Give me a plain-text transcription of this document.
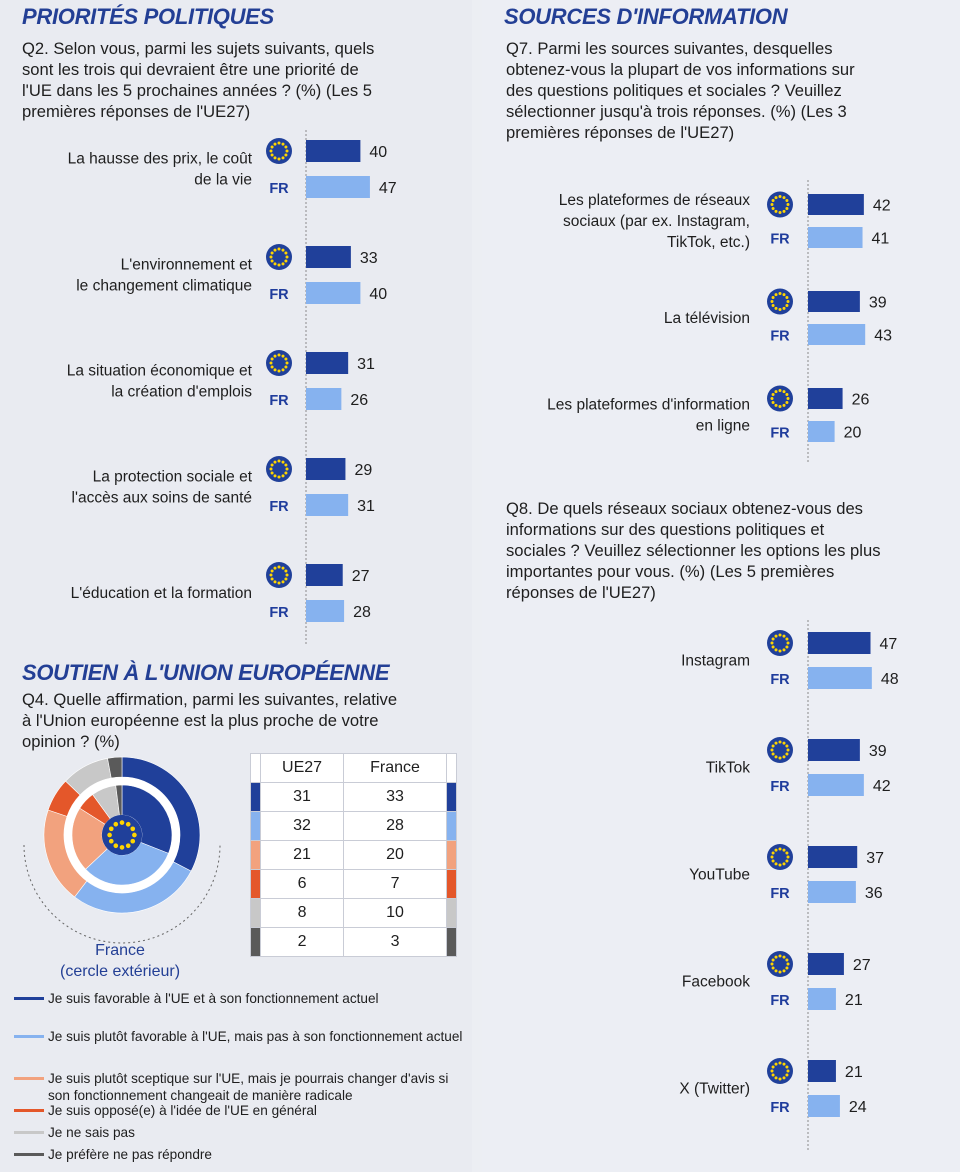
PRIORITÉS POLITIQUES
Q2. Selon vous, parmi les sujets suivants, quels
sont les trois qui devraient être une priorité de
l'UE dans les 5 prochaines années ? (%) (Les 5
premières réponses de l'UE27)
La hausse des prix, le coût de la vie
FR
40
47
L'environnement et le changement climatique
FR
33
40
La situation économique et la création d'emplois
FR
31
26
La protection sociale et l'accès aux soins de santé
FR
29
31
L'éducation et la formation
FR
27
28
SOUTIEN À L'UNION EUROPÉENNE
Q4. Quelle affirmation, parmi les suivantes, relative
à l'Union européenne est la plus proche de votre
opinion ? (%)
France
(cercle extérieur)
	UE27	France	
	31	33	
	32	28	
	21	20	
	6	7	
	8	10	
	2	3	
Je suis favorable à l'UE et à son fonctionnement actuel
Je suis plutôt favorable à l'UE, mais pas à son fonctionnement actuel
Je suis plutôt sceptique sur l'UE, mais je pourrais changer d'avis si son fonctionnement changeait de manière radicale
Je suis opposé(e) à l'idée de l'UE en général
Je ne sais pas
Je préfère ne pas répondre
SOURCES D'INFORMATION
Q7. Parmi les sources suivantes, desquelles
obtenez-vous la plupart de vos informations sur
des questions politiques et sociales ? Veuillez
sélectionner jusqu'à trois réponses. (%) (Les 3
premières réponses de l'UE27)
Les plateformes de réseaux sociaux (par ex. Instagram, TikTok, etc.) FR
42
41
La télévision
FR
39
43
Les plateformes d'information en ligne FR
26
20
Q8. De quels réseaux sociaux obtenez-vous des
informations sur des questions politiques et
sociales ? Veuillez sélectionner les options les plus
importantes pour vous. (%) (Les 5 premières
réponses de l'UE27)
Instagram
FR
47
48
TikTok
FR
39
42
YouTube
FR
37
36
Facebook
FR
27
21
X (Twitter)
FR
21
24
